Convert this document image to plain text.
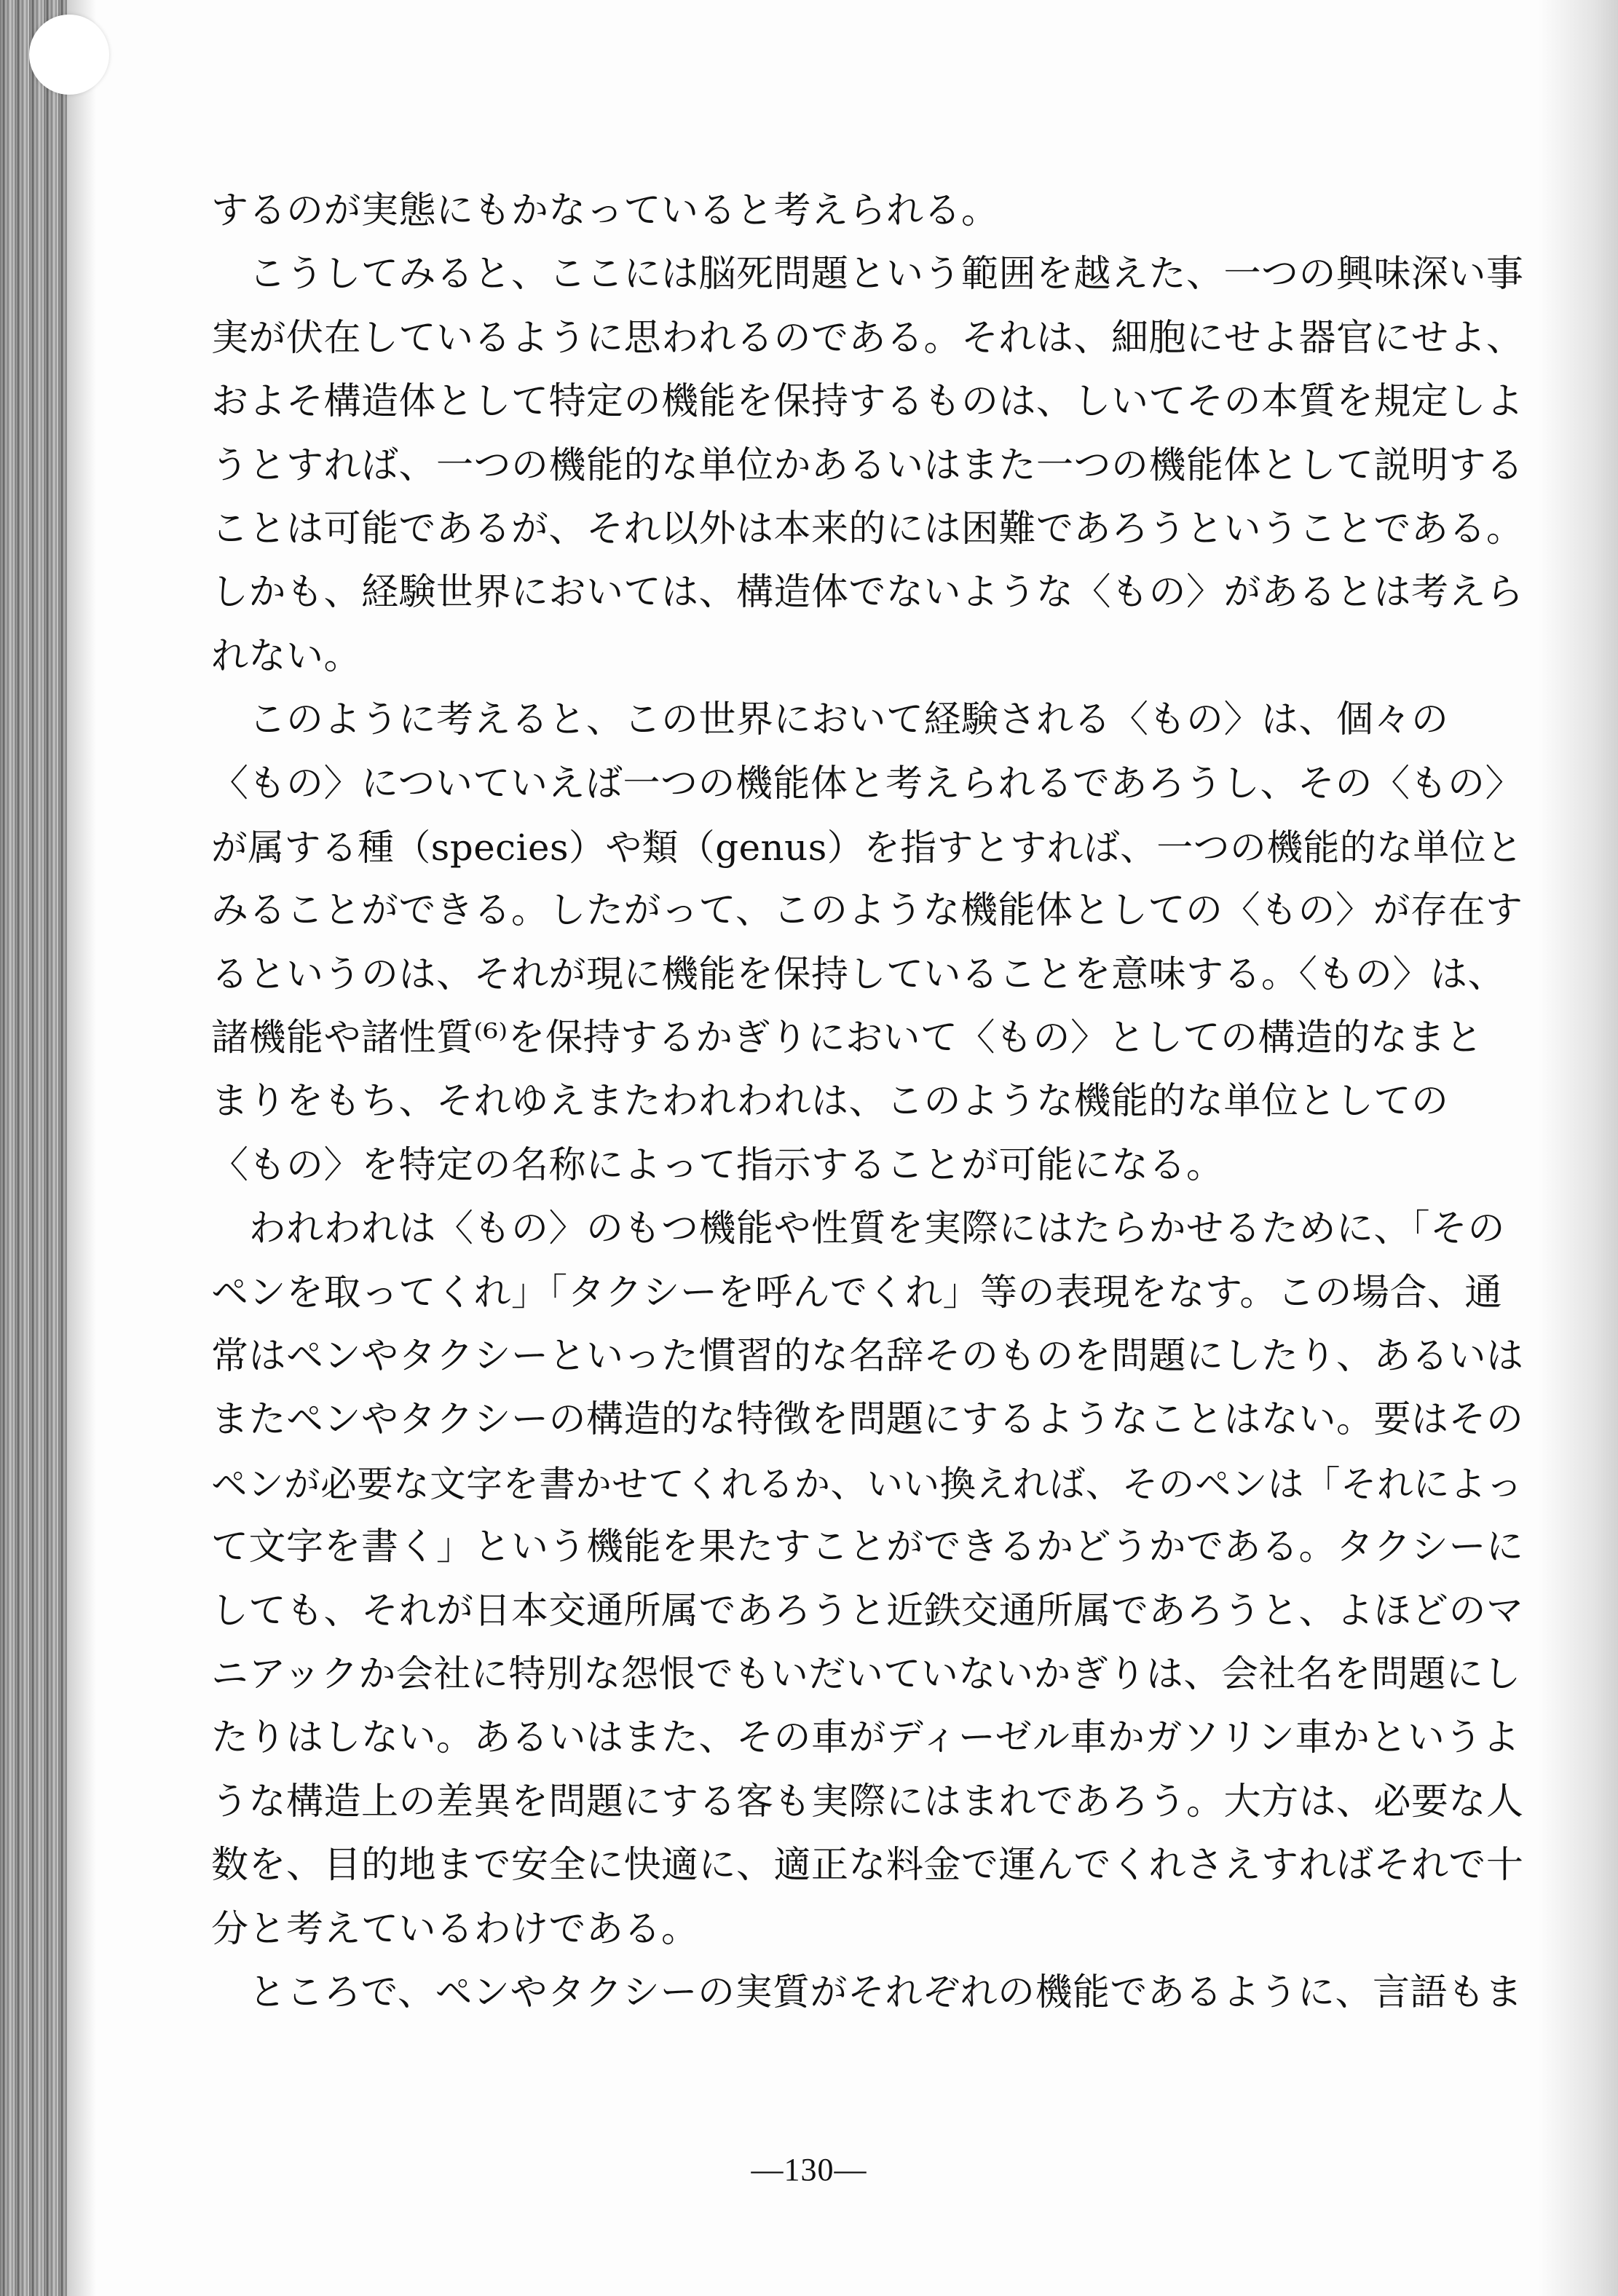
するのが実態にもかなっていると考えられる。
　こうしてみると、ここには脳死問題という範囲を越えた、一つの興味深い事
実が伏在しているように思われるのである。それは、細胞にせよ器官にせよ、
およそ構造体として特定の機能を保持するものは、しいてその本質を規定しよ
うとすれば、一つの機能的な単位かあるいはまた一つの機能体として説明する
ことは可能であるが、それ以外は本来的には困難であろうということである。
しかも、経験世界においては、構造体でないような〈もの〉があるとは考えら
れない。
　このように考えると、この世界において経験される〈もの〉は、個々の
〈もの〉についていえば一つの機能体と考えられるであろうし、その〈もの〉
が属する種（species）や類（genus）を指すとすれば、一つの機能的な単位と
みることができる。したがって、このような機能体としての〈もの〉が存在す
るというのは、それが現に機能を保持していることを意味する。〈もの〉は、
諸機能や諸性質⁽⁶⁾を保持するかぎりにおいて〈もの〉としての構造的なまと
まりをもち、それゆえまたわれわれは、このような機能的な単位としての
〈もの〉を特定の名称によって指示することが可能になる。
　われわれは〈もの〉のもつ機能や性質を実際にはたらかせるために、「その
ペンを取ってくれ」「タクシーを呼んでくれ」等の表現をなす。この場合、通
常はペンやタクシーといった慣習的な名辞そのものを問題にしたり、あるいは
またペンやタクシーの構造的な特徴を問題にするようなことはない。要はその
ペンが必要な文字を書かせてくれるか、いい換えれば、そのペンは「それによっ
て文字を書く」という機能を果たすことができるかどうかである。タクシーに
しても、それが日本交通所属であろうと近鉄交通所属であろうと、よほどのマ
ニアックか会社に特別な怨恨でもいだいていないかぎりは、会社名を問題にし
たりはしない。あるいはまた、その車がディーゼル車かガソリン車かというよ
うな構造上の差異を問題にする客も実際にはまれであろう。大方は、必要な人
数を、目的地まで安全に快適に、適正な料金で運んでくれさえすればそれで十
分と考えているわけである。
　ところで、ペンやタクシーの実質がそれぞれの機能であるように、言語もま
—130—
